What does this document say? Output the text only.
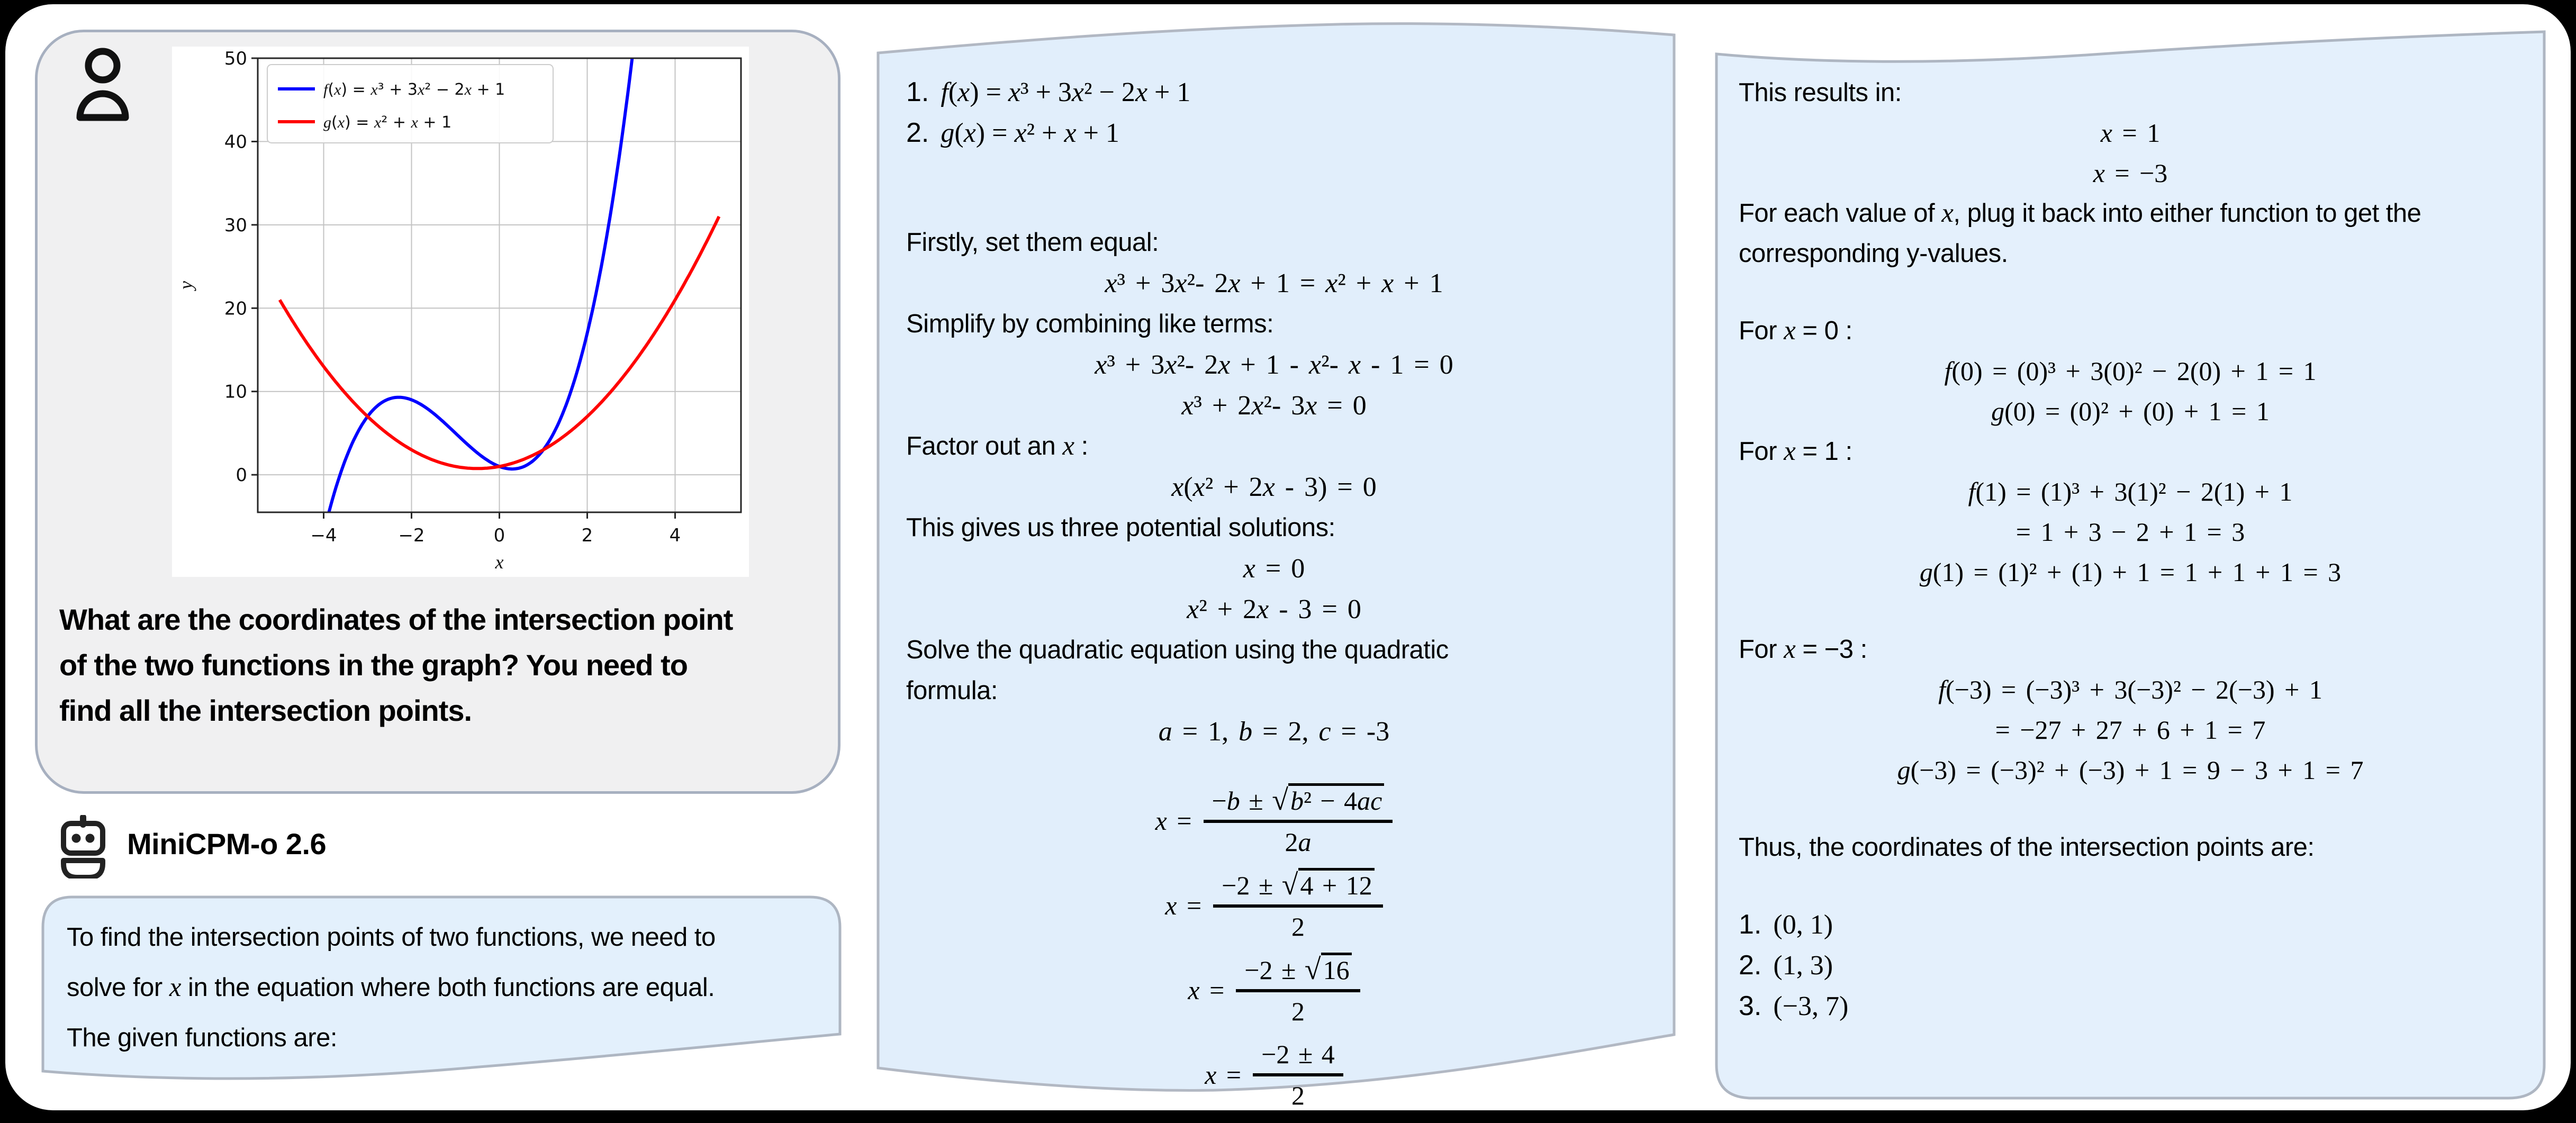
−4	−2	0	2	4
0
10
20
30
40
50
x
y
f(x) = x³ + 3x² − 2x + 1
g(x) = x² + x + 1
What are the coordinates of the intersection point of the two functions in the graph? You need to find all the intersection points.
MiniCPM-o 2.6
To find the intersection points of two functions, we need to solve for x in the equation where both functions are equal. The given functions are:
1. f(x) = x³ + 3x² − 2x + 1
2. g(x) = x² + x + 1
Firstly, set them equal:
x³ + 3x²- 2x + 1 = x² + x + 1
Simplify by combining like terms:
x³ + 3x²- 2x + 1 - x²- x - 1 = 0
x³ + 2x²- 3x = 0
Factor out an x :
x(x² + 2x - 3) = 0
This gives us three potential solutions:
x = 0
x² + 2x - 3 = 0
Solve the quadratic equation using the quadratic formula:
a = 1, b = 2, c = -3
$x = \frac{\text{−b ± √b² − 4ac}}{2a}$
$x = \frac{-2 \pm √4 + 12}{2}$
$x = \frac{-2 \pm √16}{2}$
$x = \frac{-2 \pm 4}{2}$
This results in:
x = 1
x = −3
For each value of x, plug it back into either function to get the corresponding y-values.
For x = 0 :
f(0) = (0)³ + 3(0)² − 2(0) + 1 = 1
g(0) = (0)² + (0) + 1 = 1
For x = 1 :
f(1) = (1)³ + 3(1)² − 2(1) + 1
= 1 + 3 − 2 + 1 = 3
g(1) = (1)² + (1) + 1 = 1 + 1 + 1 = 3
For x = −3 :
f(−3) = (−3)³ + 3(−3)² − 2(−3) + 1
= −27 + 27 + 6 + 1 = 7
g(−3) = (−3)² + (−3) + 1 = 9 − 3 + 1 = 7
Thus, the coordinates of the intersection points are:
1. (0, 1)
2. (1, 3)
3. (−3, 7)
